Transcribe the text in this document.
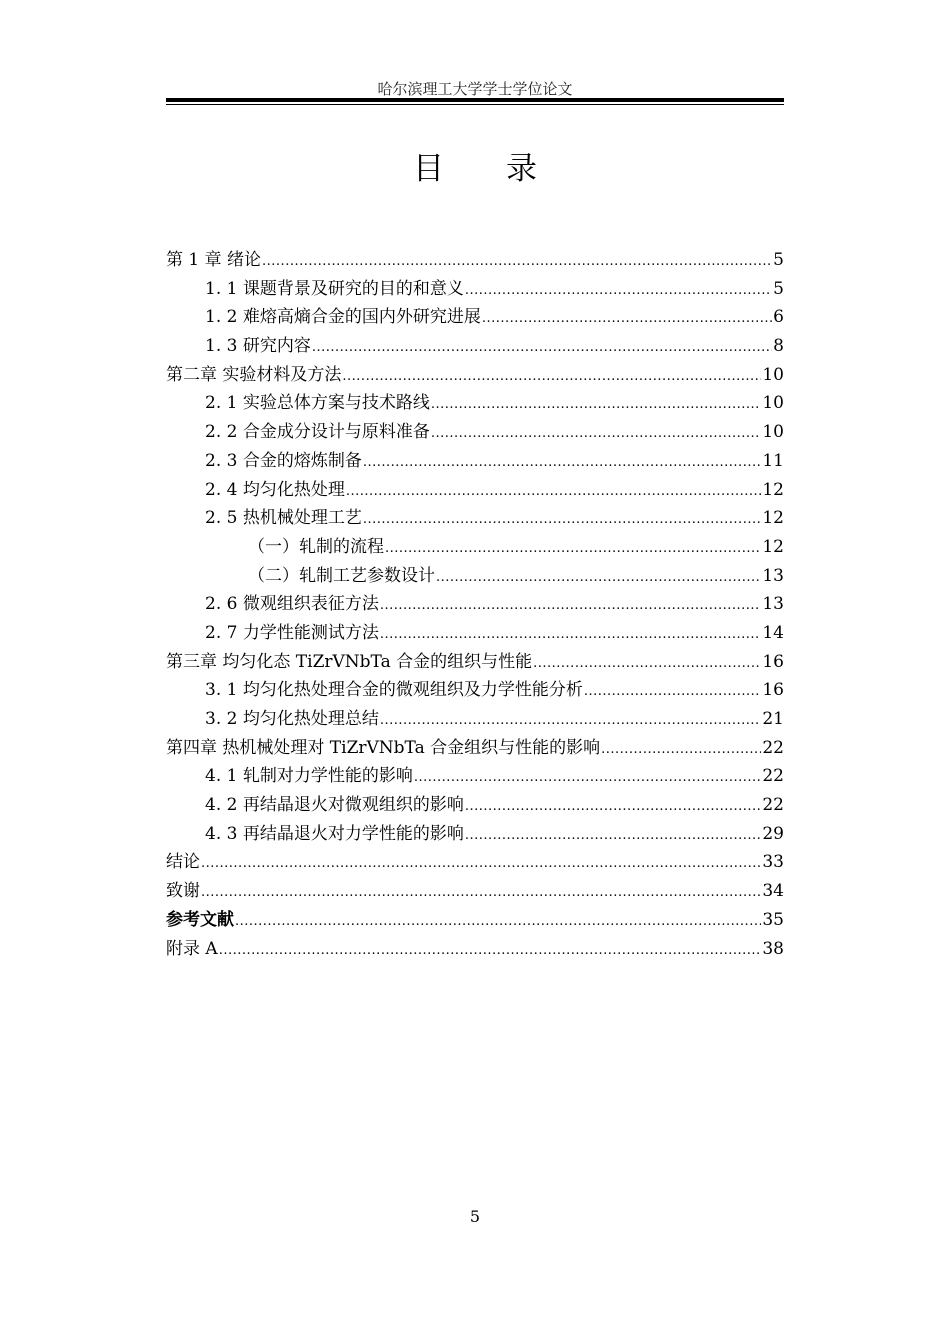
哈尔滨理工大学学士学位论文
目 录
第 1 章 绪论 .....	5
1. 1 课题背景及研究的目的和意义 .....	5
1. 2 难熔高熵合金的国内外研究进展 .....	6
1. 3 研究内容 .....	8
第二章 实验材料及方法 .....	10
2. 1 实验总体方案与技术路线 .....	10
2. 2 合金成分设计与原料准备 .....	10
2. 3 合金的熔炼制备 .....	11
2. 4 均匀化热处理 .....	12
2. 5 热机械处理工艺 .....	12
（一）轧制的流程 .....	12
（二）轧制工艺参数设计 .....	13
2. 6 微观组织表征方法 .....	13
2. 7 力学性能测试方法 .....	14
第三章 均匀化态 TiZrVNbTa 合金的组织与性能 .....	16
3. 1 均匀化热处理合金的微观组织及力学性能分析 .....	16
3. 2 均匀化热处理总结 .....	21
第四章 热机械处理对 TiZrVNbTa 合金组织与性能的影响 .....	22
4. 1 轧制对力学性能的影响 .....	22
4. 2 再结晶退火对微观组织的影响 .....	22
4. 3 再结晶退火对力学性能的影响 .....	29
结论 .....	33
致谢 .....	34
参考文献 .....	35
附录 A .....	38
5
